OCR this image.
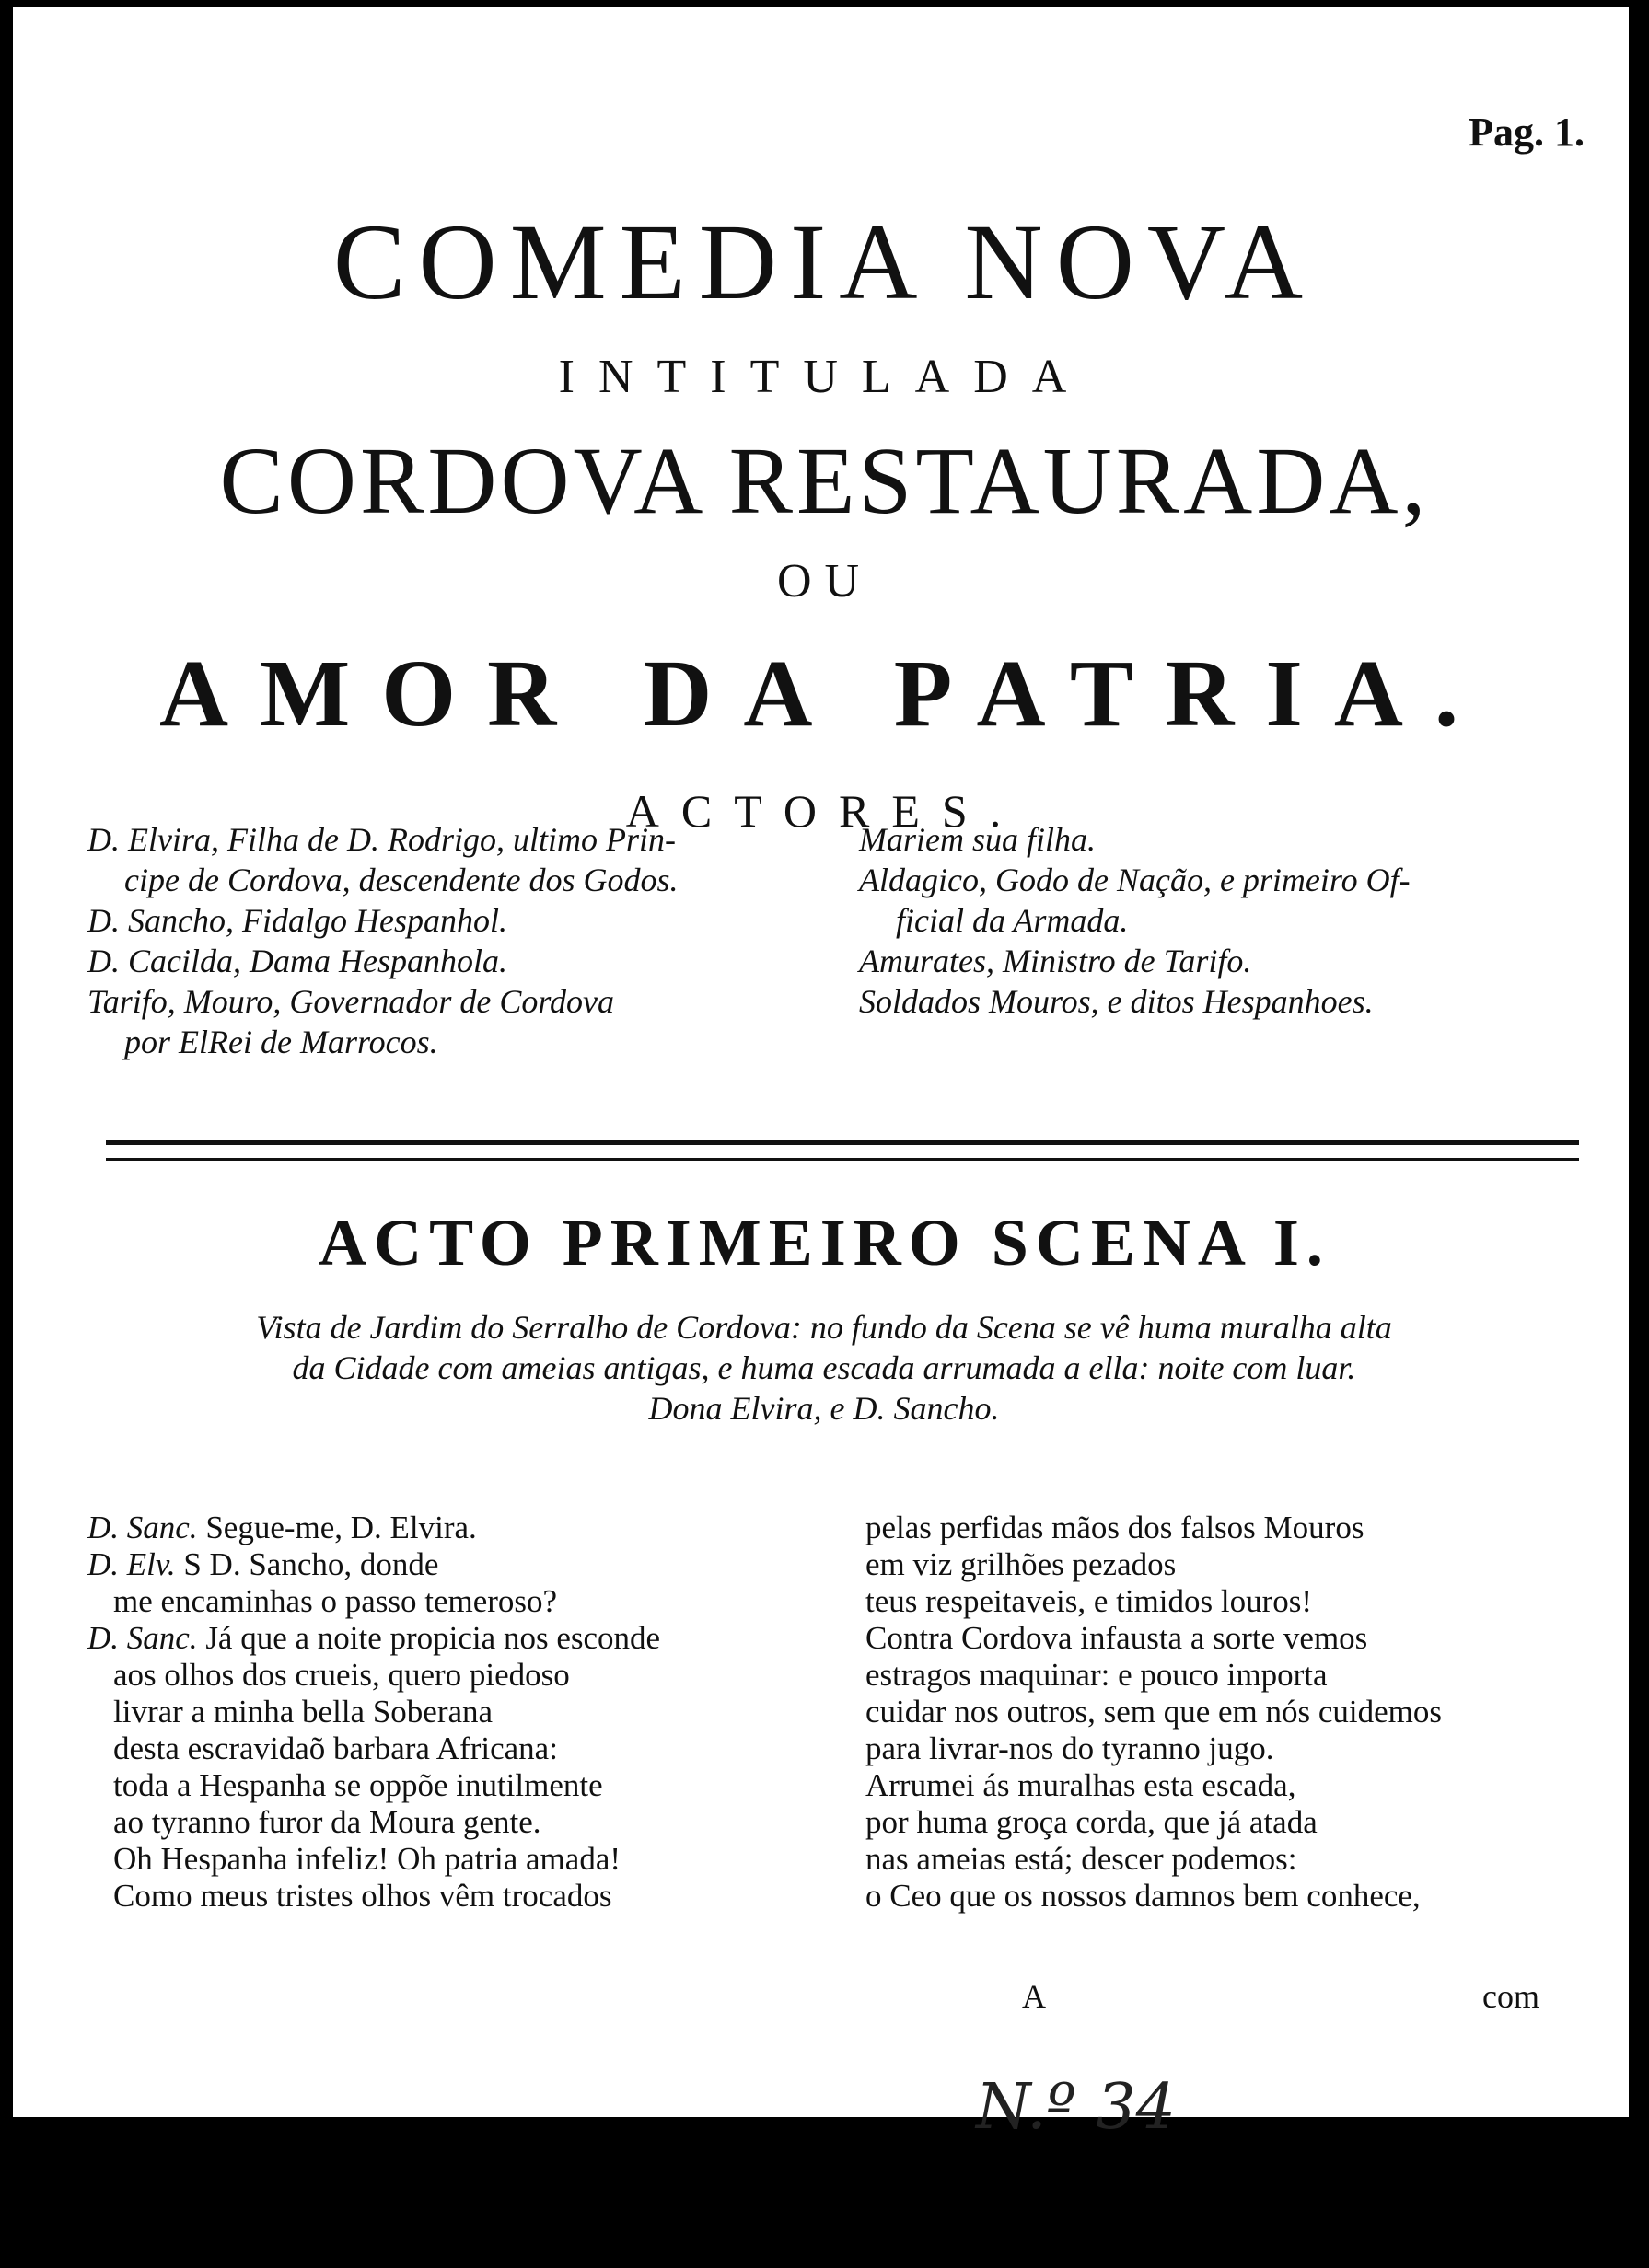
Pag. 1.
COMEDIA NOVA
INTITULADA
CORDOVA RESTAURADA,
OU
AMOR DA PATRIA.
ACTORES.
D. Elvira, Filha de D. Rodrigo, ultimo Prin-
cipe de Cordova, descendente dos Godos.
D. Sancho, Fidalgo Hespanhol.
D. Cacilda, Dama Hespanhola.
Tarifo, Mouro, Governador de Cordova
por ElRei de Marrocos.
Mariem sua filha.
Aldagico, Godo de Nação, e primeiro Of-
ficial da Armada.
Amurates, Ministro de Tarifo.
Soldados Mouros, e ditos Hespanhoes.
ACTO PRIMEIRO SCENA I.
Vista de Jardim do Serralho de Cordova: no fundo da Scena se vê huma muralha alta
da Cidade com ameias antigas, e huma escada arrumada a ella: noite com luar.
Dona Elvira, e D. Sancho.
D. Sanc. Segue-me, D. Elvira.
D. Elv. S D. Sancho, donde
me encaminhas o passo temeroso?
D. Sanc. Já que a noite propicia nos esconde
aos olhos dos crueis, quero piedoso
livrar a minha bella Soberana
desta escravidaõ barbara Africana:
toda a Hespanha se oppõe inutilmente
ao tyranno furor da Moura gente.
Oh Hespanha infeliz! Oh patria amada!
Como meus tristes olhos vêm trocados
pelas perfidas mãos dos falsos Mouros
em viz grilhões pezados
teus respeitaveis, e timidos louros!
Contra Cordova infausta a sorte vemos
estragos maquinar: e pouco importa
cuidar nos outros, sem que em nós cuidemos
para livrar-nos do tyranno jugo.
Arrumei ás muralhas esta escada,
por huma groça corda, que já atada
nas ameias está; descer podemos:
o Ceo que os nossos damnos bem conhece,
A	com
N.º 34
